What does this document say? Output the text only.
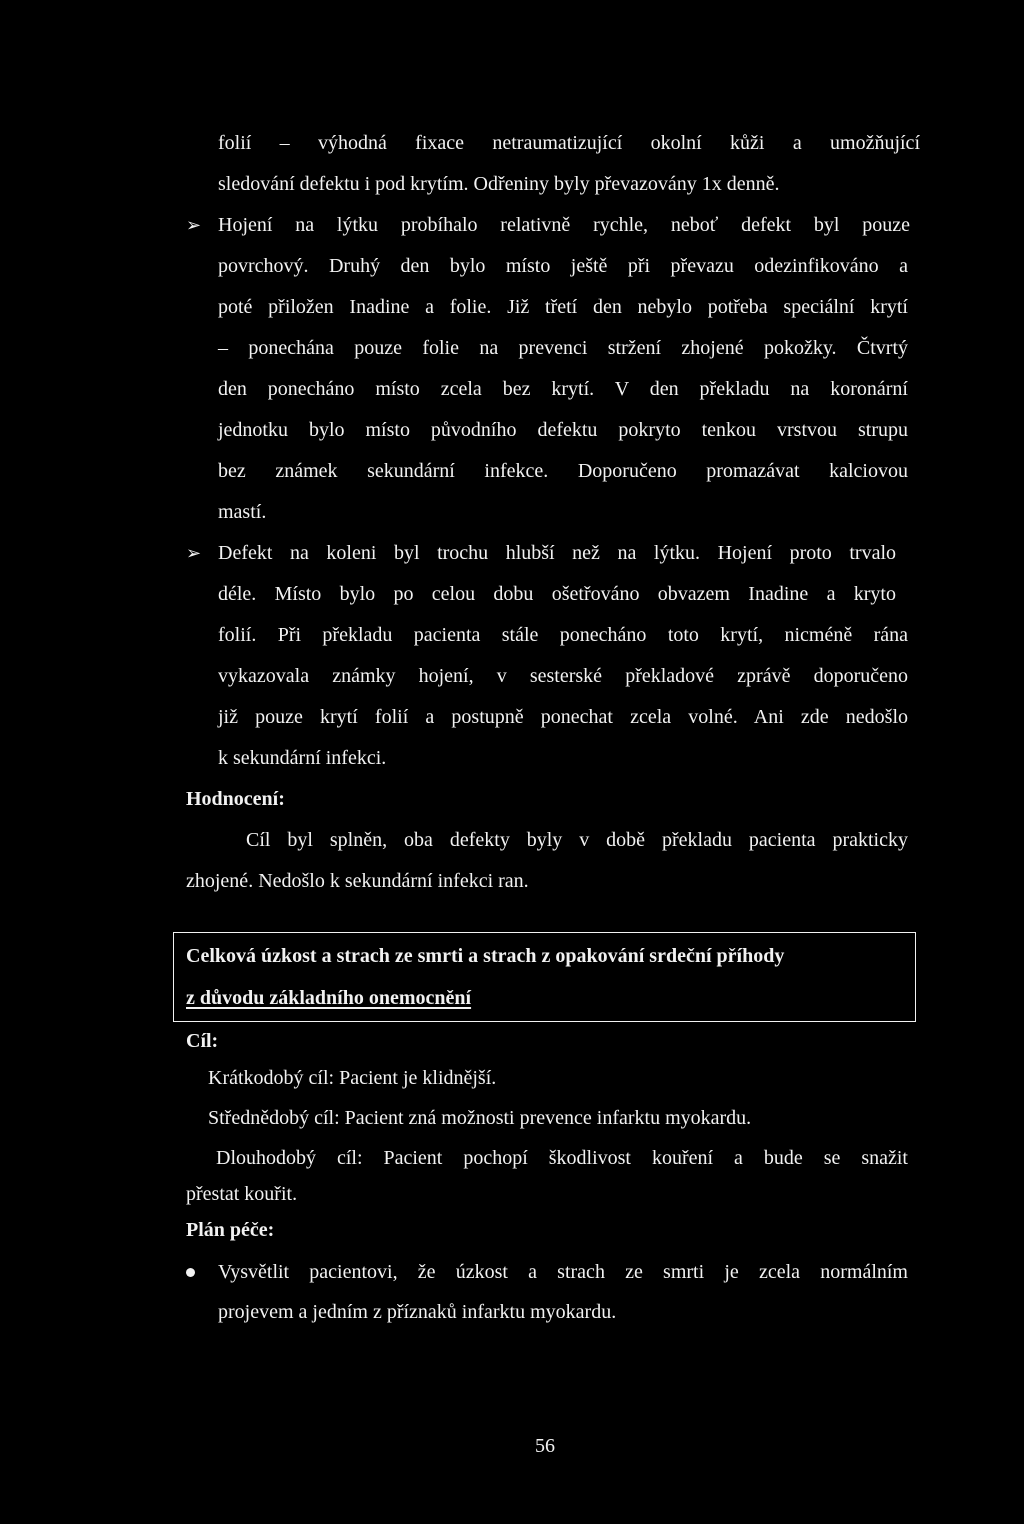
folií – výhodná fixace netraumatizující okolní kůži a umožňující
sledování defektu i pod krytím. Odřeniny byly převazovány 1x denně.
➢ Hojení na lýtku probíhalo relativně rychle, neboť defekt byl pouze
povrchový. Druhý den bylo místo ještě při převazu odezinfikováno a
poté přiložen Inadine a folie. Již třetí den nebylo potřeba speciální krytí
– ponechána pouze folie na prevenci stržení zhojené pokožky. Čtvrtý
den ponecháno místo zcela bez krytí. V den překladu na koronární
jednotku bylo místo původního defektu pokryto tenkou vrstvou strupu
bez známek sekundární infekce. Doporučeno promazávat kalciovou
mastí.
➢ Defekt na koleni byl trochu hlubší než na lýtku. Hojení proto trvalo
déle. Místo bylo po celou dobu ošetřováno obvazem Inadine a kryto
folií. Při překladu pacienta stále ponecháno toto krytí, nicméně rána
vykazovala známky hojení, v sesterské překladové zprávě doporučeno
již pouze krytí folií a postupně ponechat zcela volné. Ani zde nedošlo
k sekundární infekci.
Hodnocení:
Cíl byl splněn, oba defekty byly v době překladu pacienta prakticky
zhojené. Nedošlo k sekundární infekci ran.
Celková úzkost a strach ze smrti a strach z opakování srdeční příhody
z důvodu základního onemocnění
Cíl:
Krátkodobý cíl: Pacient je klidnější.
Střednědobý cíl: Pacient zná možnosti prevence infarktu myokardu.
Dlouhodobý cíl: Pacient pochopí škodlivost kouření a bude se snažit
přestat kouřit.
Plán péče:
Vysvětlit pacientovi, že úzkost a strach ze smrti je zcela normálním
projevem a jedním z příznaků infarktu myokardu.
56
